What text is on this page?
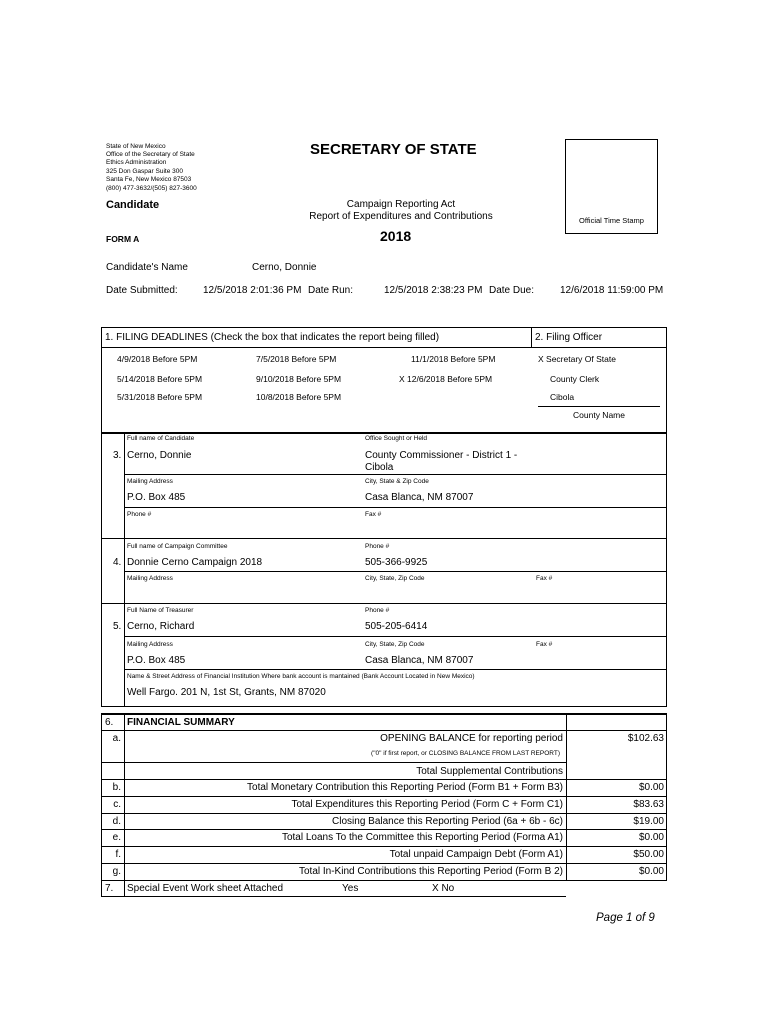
State of New Mexico
Office of the Secretary of State
Ethics Administration
325 Don Gaspar Suite 300
Santa Fe, New Mexico 87503
(800) 477-3632/(505) 827-3600
SECRETARY OF STATE
Candidate	Campaign Reporting Act
Report of Expenditures and Contributions
2018
FORM A
Official Time Stamp
Candidate's Name	Cerno, Donnie
Date Submitted:	12/5/2018 2:01:36 PM Date Run:	12/5/2018 2:38:23 PM Date Due:	12/6/2018 11:59:00 PM
1. FILING DEADLINES (Check the box that indicates the report being filled)	2. Filing Officer
4/9/2018 Before 5PM	7/5/2018 Before 5PM	11/1/2018 Before 5PM
5/14/2018 Before 5PM	9/10/2018 Before 5PM	X 12/6/2018 Before 5PM
5/31/2018 Before 5PM	10/8/2018 Before 5PM
X Secretary Of State
County Clerk
Cibola
County Name
Full name of Candidate	Office Sought or Held
3. Cerno, Donnie	County Commissioner - District 1 -
Cibola
Mailing Address	City, State & Zip Code
P.O. Box 485	Casa Blanca, NM 87007
Phone #	Fax #
Full name of Campaign Committee	Phone #
4. Donnie Cerno Campaign 2018	505-366-9925
Mailing Address	City, State, Zip Code	Fax #
Full Name of Treasurer	Phone #
5. Cerno, Richard	505-205-6414
Mailing Address	City, State, Zip Code	Fax #
P.O. Box 485	Casa Blanca, NM 87007
Name & Street Address of Financial Institution Where bank account is mantained (Bank Account Located in New Mexico)
Well Fargo. 201 N, 1st St, Grants, NM 87020
6. FINANCIAL SUMMARY
a.	OPENING BALANCE for reporting period	$102.63
("0" if first report, or CLOSING BALANCE FROM LAST REPORT)
Total Supplemental Contributions
b.	Total Monetary Contribution this Reporting Period (Form B1 + Form B3)	$0.00
c.	Total Expenditures this Reporting Period (Form C + Form C1)	$83.63
d.	Closing Balance this Reporting Period (6a + 6b - 6c)	$19.00
e.	Total Loans To the Committee this Reporting Period (Forma A1)	$0.00
f.	Total unpaid Campaign Debt (Form A1)	$50.00
g.	Total In-Kind Contributions this Reporting Period (Form B 2)	$0.00
7. Special Event Work sheet Attached	Yes	X No
Page 1 of 9
